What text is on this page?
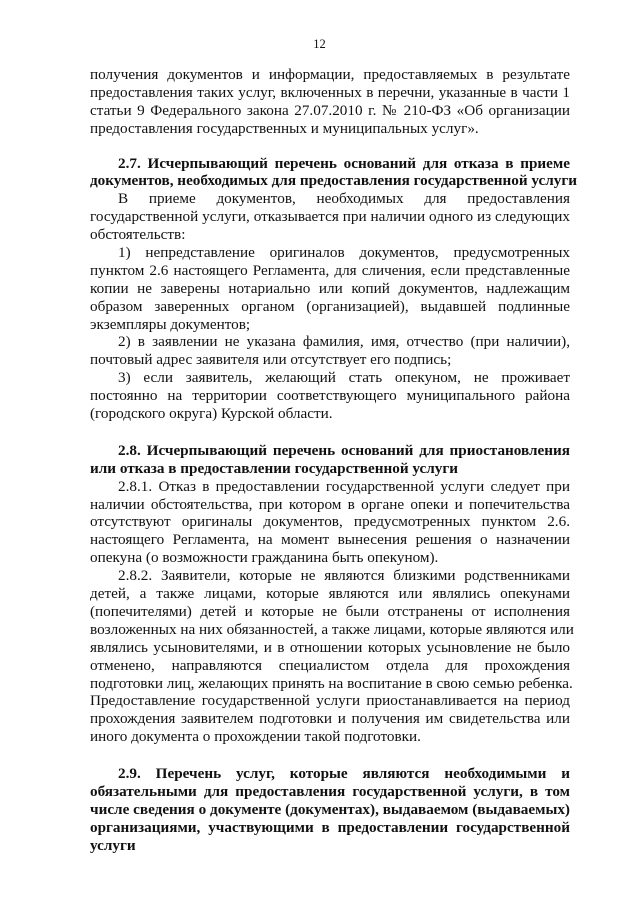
12
получения документов и информации, предоставляемых в результате
предоставления таких услуг, включенных в перечни, указанные в части 1
статьи 9 Федерального закона 27.07.2010 г. № 210-ФЗ «Об организации
предоставления государственных и муниципальных услуг».
2.7. Исчерпывающий перечень оснований для отказа в приеме
документов, необходимых для предоставления государственной услуги
В приеме документов, необходимых для предоставления
государственной услуги, отказывается при наличии одного из следующих
обстоятельств:
1) непредставление оригиналов документов, предусмотренных
пунктом 2.6 настоящего Регламента, для сличения, если представленные
копии не заверены нотариально или копий документов, надлежащим
образом заверенных органом (организацией), выдавшей подлинные
экземпляры документов;
2) в заявлении не указана фамилия, имя, отчество (при наличии),
почтовый адрес заявителя или отсутствует его подпись;
3) если заявитель, желающий стать опекуном, не проживает
постоянно на территории соответствующего муниципального района
(городского округа) Курской области.
2.8. Исчерпывающий перечень оснований для приостановления
или отказа в предоставлении государственной услуги
2.8.1. Отказ в предоставлении государственной услуги следует при
наличии обстоятельства, при котором в органе опеки и попечительства
отсутствуют оригиналы документов, предусмотренных пунктом 2.6.
настоящего Регламента, на момент вынесения решения о назначении
опекуна (о возможности гражданина быть опекуном).
2.8.2. Заявители, которые не являются близкими родственниками
детей, а также лицами, которые являются или являлись опекунами
(попечителями) детей и которые не были отстранены от исполнения
возложенных на них обязанностей, а также лицами, которые являются или
являлись усыновителями, и в отношении которых усыновление не было
отменено, направляются специалистом отдела для прохождения
подготовки лиц, желающих принять на воспитание в свою семью ребенка.
Предоставление государственной услуги приостанавливается на период
прохождения заявителем подготовки и получения им свидетельства или
иного документа о прохождении такой подготовки.
2.9. Перечень услуг, которые являются необходимыми и
обязательными для предоставления государственной услуги, в том
числе сведения о документе (документах), выдаваемом (выдаваемых)
организациями, участвующими в предоставлении государственной
услуги
